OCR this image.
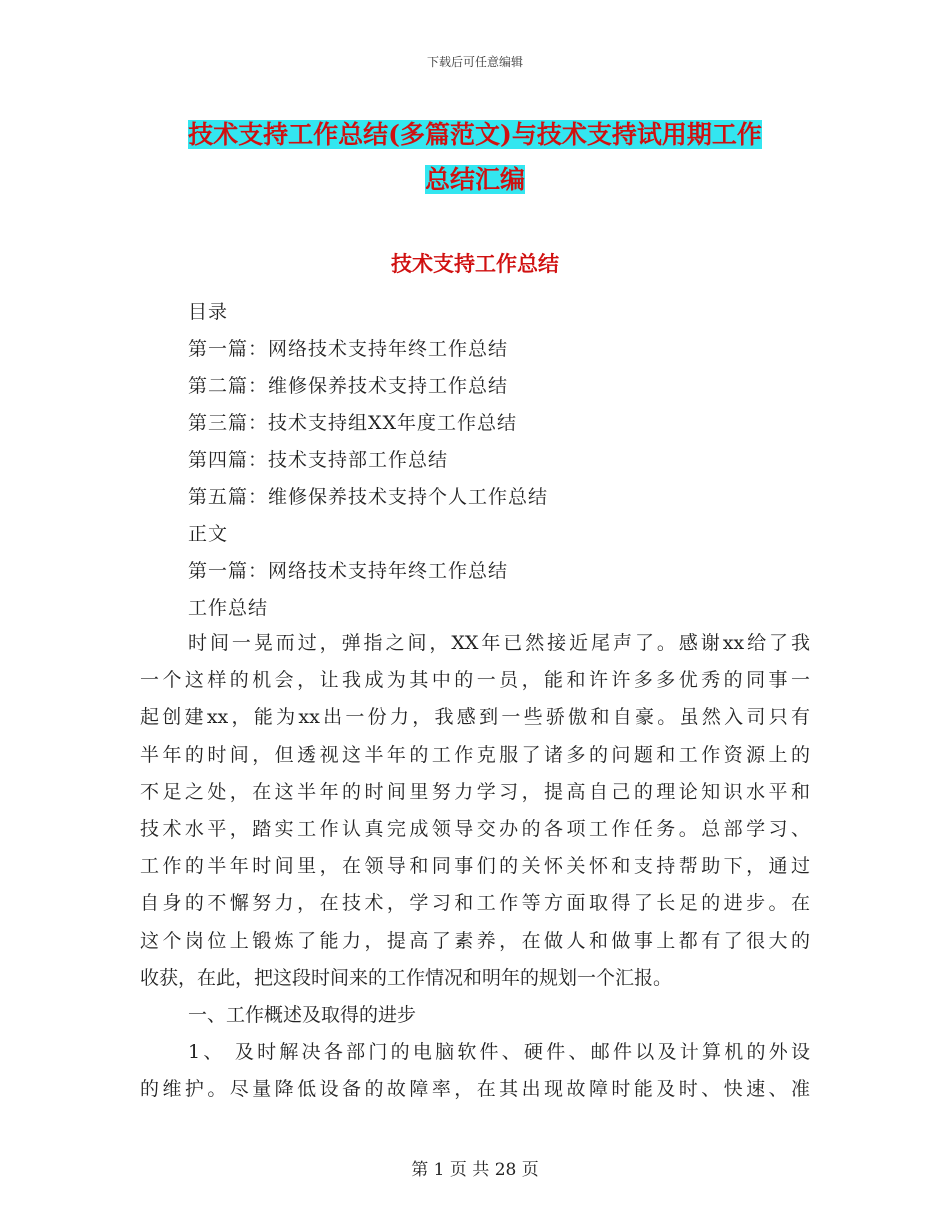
下载后可任意编辑
技术支持工作总结(多篇范文)与技术支持试用期工作
总结汇编
技术支持工作总结
目录
第一篇：网络技术支持年终工作总结
第二篇：维修保养技术支持工作总结
第三篇：技术支持组XX年度工作总结
第四篇：技术支持部工作总结
第五篇：维修保养技术支持个人工作总结
正文
第一篇：网络技术支持年终工作总结
工作总结
时间一晃而过，弹指之间，XX年已然接近尾声了。感谢xx给了我
一个这样的机会，让我成为其中的一员，能和许许多多优秀的同事一
起创建xx，能为xx出一份力，我感到一些骄傲和自豪。虽然入司只有
半年的时间，但透视这半年的工作克服了诸多的问题和工作资源上的
不足之处，在这半年的时间里努力学习，提高自己的理论知识水平和
技术水平，踏实工作认真完成领导交办的各项工作任务。总部学习、
工作的半年时间里，在领导和同事们的关怀关怀和支持帮助下，通过
自身的不懈努力，在技术，学习和工作等方面取得了长足的进步。在
这个岗位上锻炼了能力，提高了素养，在做人和做事上都有了很大的
收获，在此，把这段时间来的工作情况和明年的规划一个汇报。
一、工作概述及取得的进步
1、 及时解决各部门的电脑软件、硬件、邮件以及计算机的外设
的维护。尽量降低设备的故障率，在其出现故障时能及时、快速、准
第 1 页 共 28 页
